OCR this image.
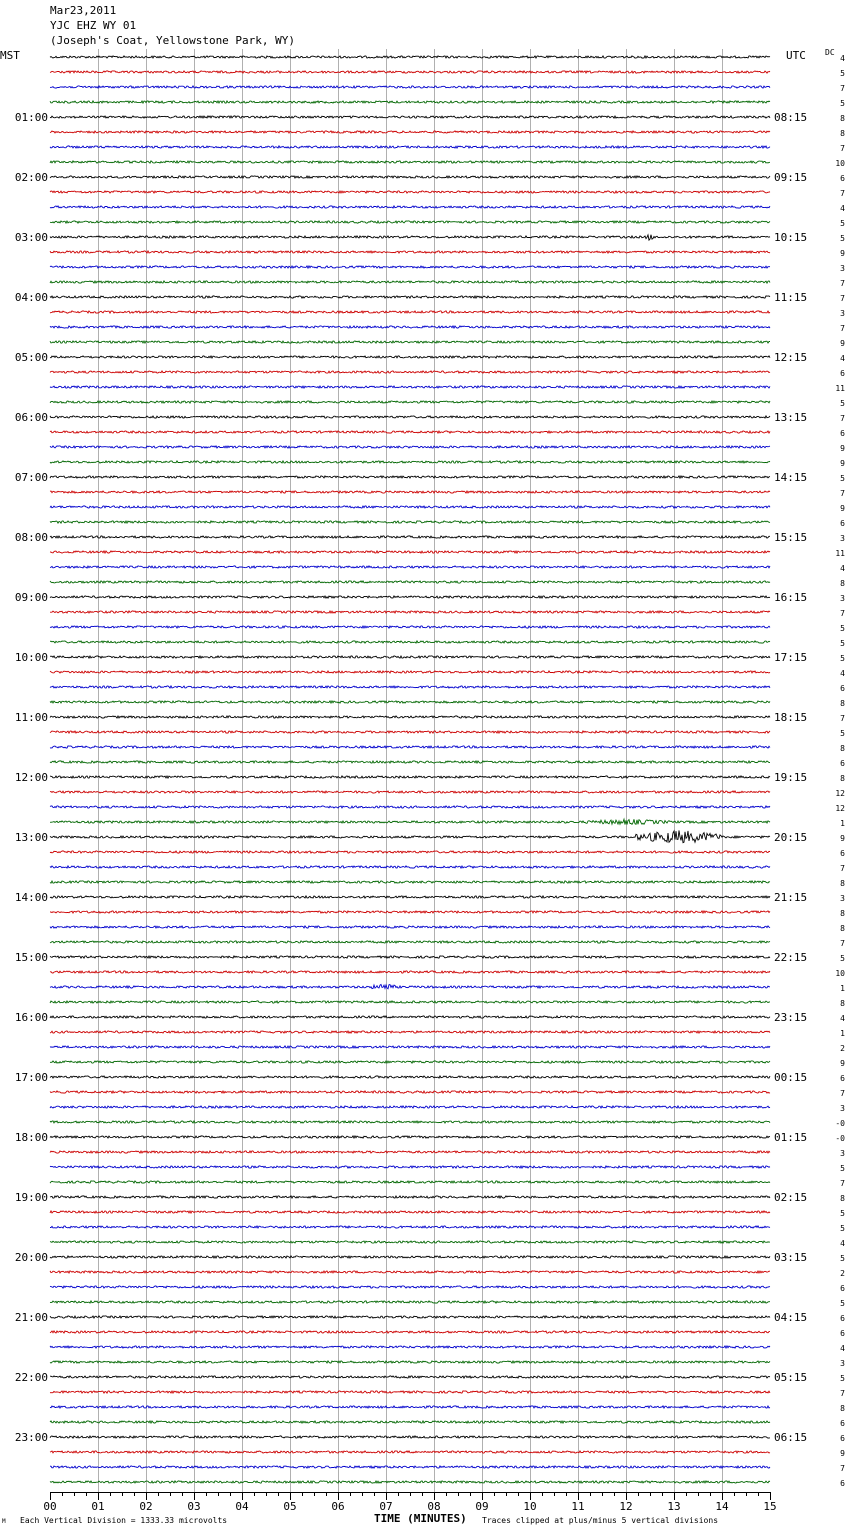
Mar23,2011
YJC EHZ WY 01
(Joseph's Coat, Yellowstone Park, WY)
MST	UTC DC
00	01	02	03	04	05	06	07	08	09	10	11	12	13	14	15
01:00
02:00
03:00
04:00
05:00
06:00
07:00
08:00
09:00
10:00
11:00
12:00
13:00
14:00
15:00
16:00
17:00
18:00
19:00
20:00
21:00
22:00
23:00
08:15
09:15
10:15
11:15
12:15
13:15
14:15
15:15
16:15
17:15
18:15
19:15
20:15
21:15
22:15
23:15
00:15
01:15
02:15
03:15
04:15
05:15
06:15
4
5
7
5
8
8
7
10
6
7
4
5
5
9
3
7
7
3
7
9
4
6
11
5
7
6
9
9
5
7
9
6
3
11
4
8
3
7
5
5
5
4
6
8
7
5
8
6
8
12
12
1
9
6
7
8
3
8
8
7
5
10
1
8
4
1
2
9
6
7
3
-0
-0
3
5
7
8
5
5
4
5
2
6
5
6
6
4
3
5
7
8
6
6
9
7
6
TIME (MINUTES)
Each Vertical Division = 1333.33 microvolts	Traces clipped at plus/minus 5 vertical divisions
M
